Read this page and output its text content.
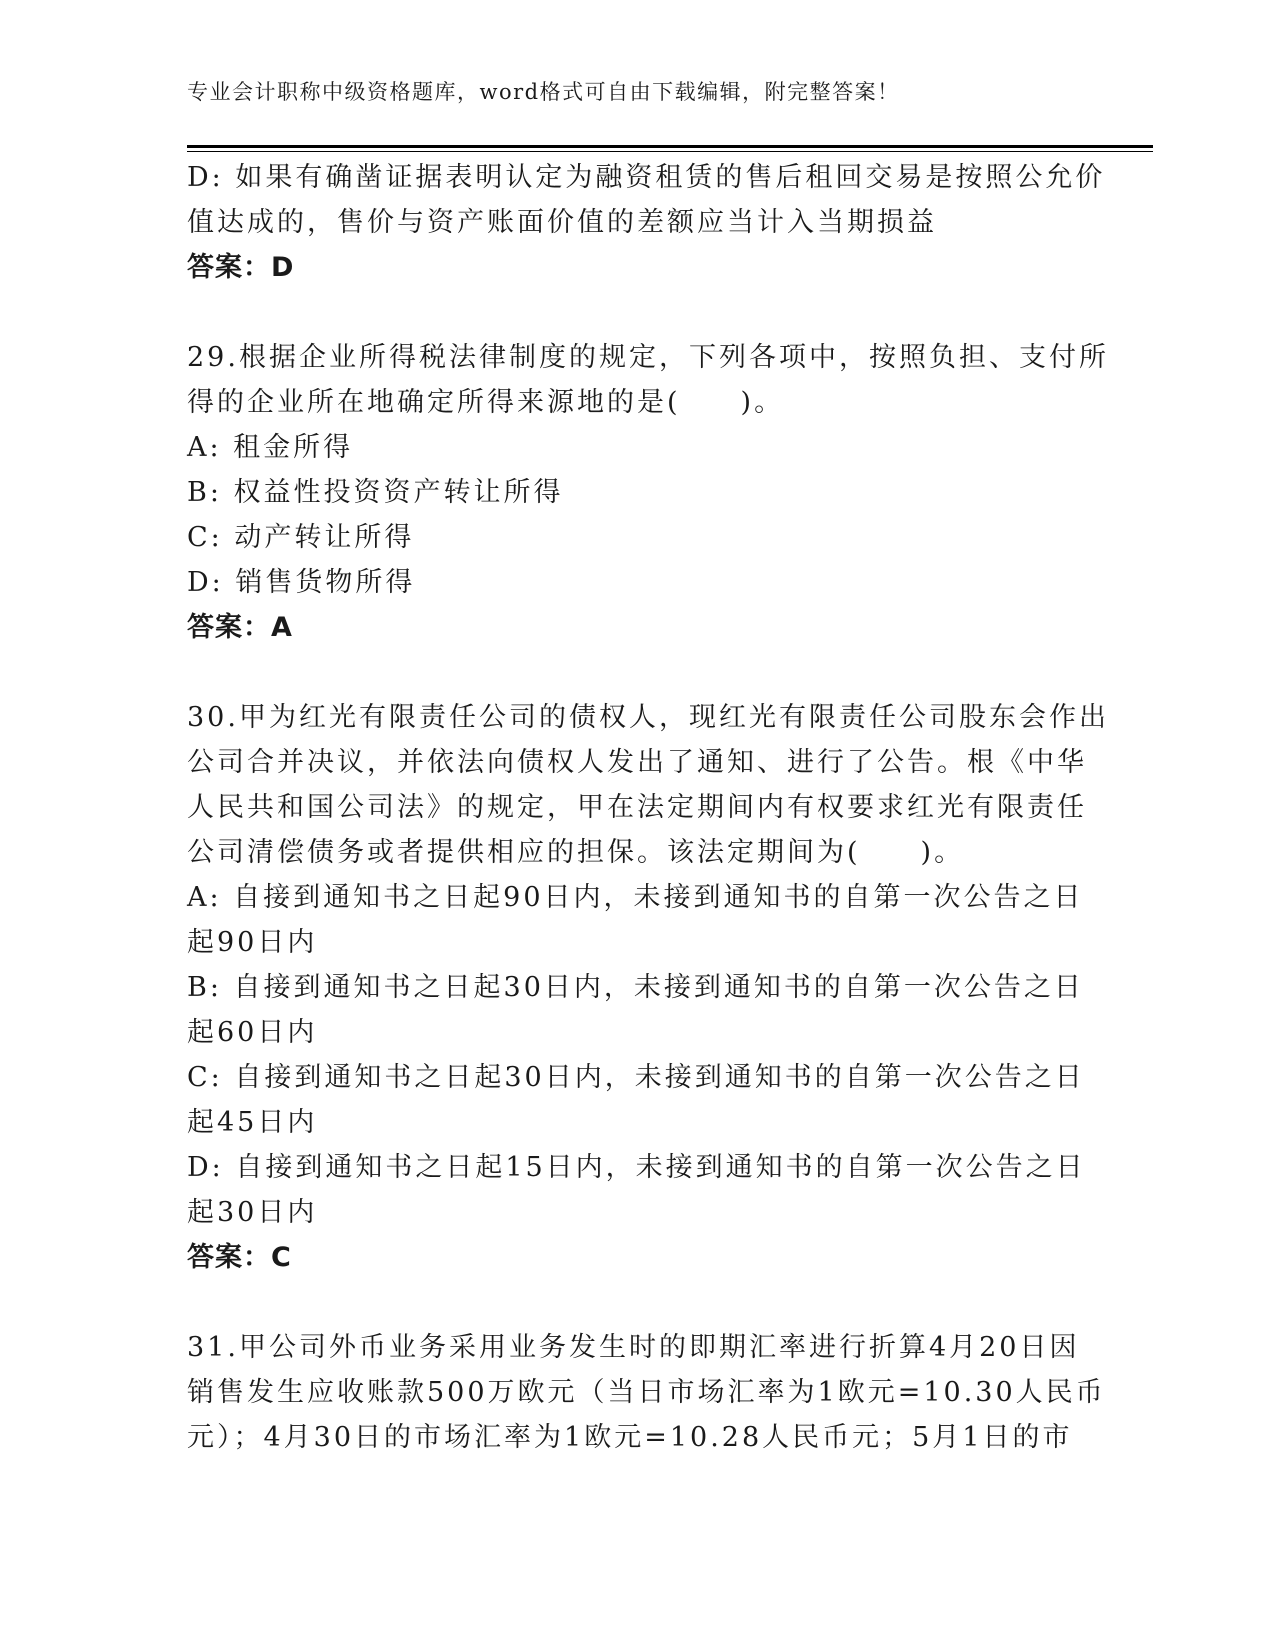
专业会计职称中级资格题库，word格式可自由下载编辑，附完整答案！
D: 如果有确凿证据表明认定为融资租赁的售后租回交易是按照公允价
值达成的，售价与资产账面价值的差额应当计入当期损益
答案：D
29.根据企业所得税法律制度的规定，下列各项中，按照负担、支付所
得的企业所在地确定所得来源地的是(　　)。
A: 租金所得
B: 权益性投资资产转让所得
C: 动产转让所得
D: 销售货物所得
答案：A
30.甲为红光有限责任公司的债权人，现红光有限责任公司股东会作出
公司合并决议，并依法向债权人发出了通知、进行了公告。根《中华
人民共和国公司法》的规定，甲在法定期间内有权要求红光有限责任
公司清偿债务或者提供相应的担保。该法定期间为(　　)。
A: 自接到通知书之日起90日内，未接到通知书的自第一次公告之日
起90日内
B: 自接到通知书之日起30日内，未接到通知书的自第一次公告之日
起60日内
C: 自接到通知书之日起30日内，未接到通知书的自第一次公告之日
起45日内
D: 自接到通知书之日起15日内，未接到通知书的自第一次公告之日
起30日内
答案：C
31.甲公司外币业务采用业务发生时的即期汇率进行折算4月20日因
销售发生应收账款500万欧元（当日市场汇率为1欧元=10.30人民币
元）；4月30日的市场汇率为1欧元=10.28人民币元；5月1日的市
